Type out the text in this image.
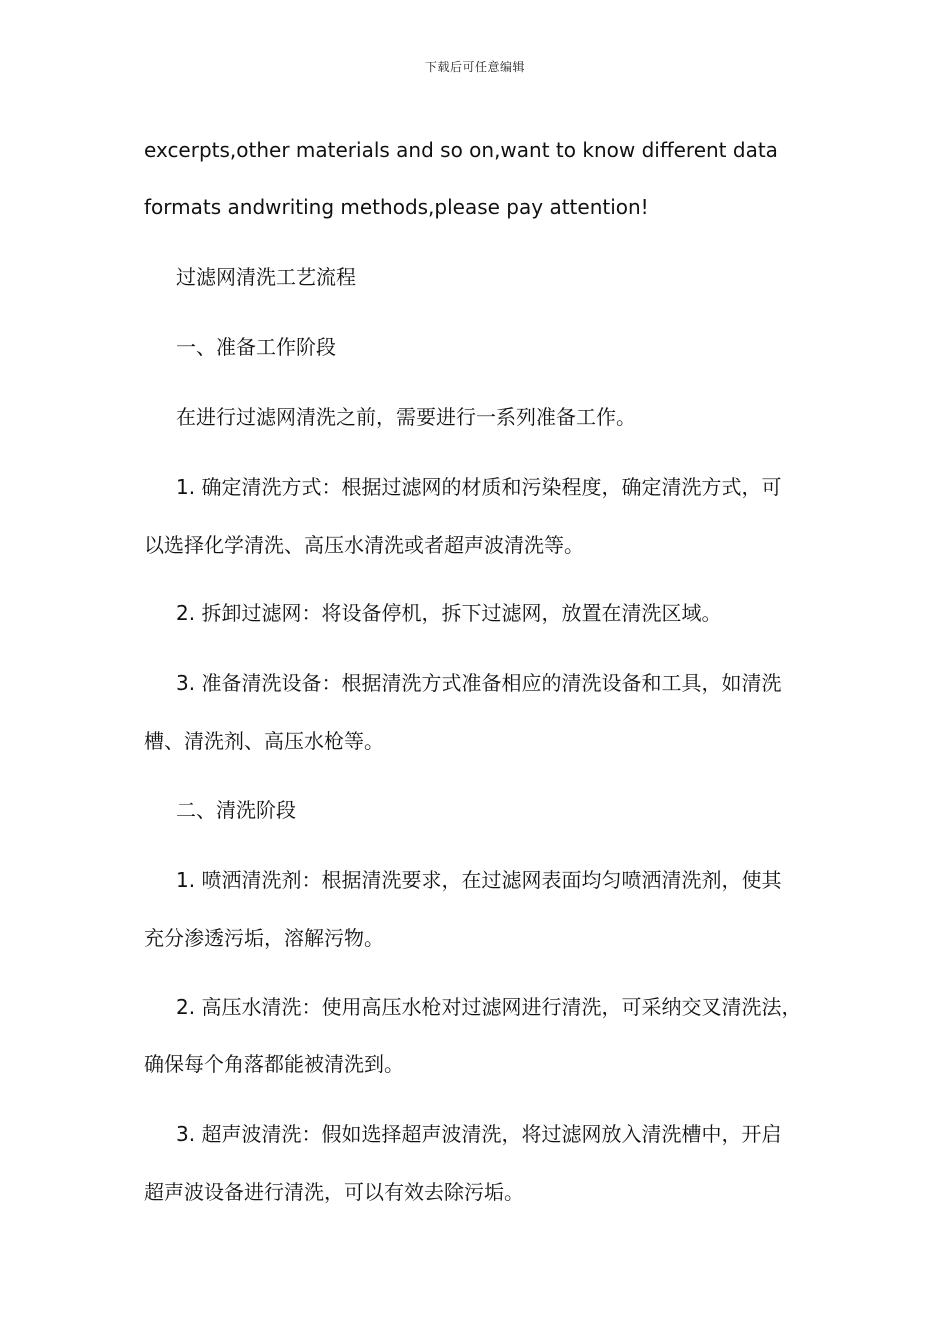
下载后可任意编辑
excerpts,other materials and so on,want to know different data
formats andwriting methods,please pay attention!
过滤网清洗工艺流程
一、准备工作阶段
在进行过滤网清洗之前，需要进行一系列准备工作。
1. 确定清洗方式：根据过滤网的材质和污染程度，确定清洗方式，可
以选择化学清洗、高压水清洗或者超声波清洗等。
2. 拆卸过滤网：将设备停机，拆下过滤网，放置在清洗区域。
3. 准备清洗设备：根据清洗方式准备相应的清洗设备和工具，如清洗
槽、清洗剂、高压水枪等。
二、清洗阶段
1. 喷洒清洗剂：根据清洗要求，在过滤网表面均匀喷洒清洗剂，使其
充分渗透污垢，溶解污物。
2. 高压水清洗：使用高压水枪对过滤网进行清洗，可采纳交叉清洗法，
确保每个角落都能被清洗到。
3. 超声波清洗：假如选择超声波清洗，将过滤网放入清洗槽中，开启
超声波设备进行清洗，可以有效去除污垢。
